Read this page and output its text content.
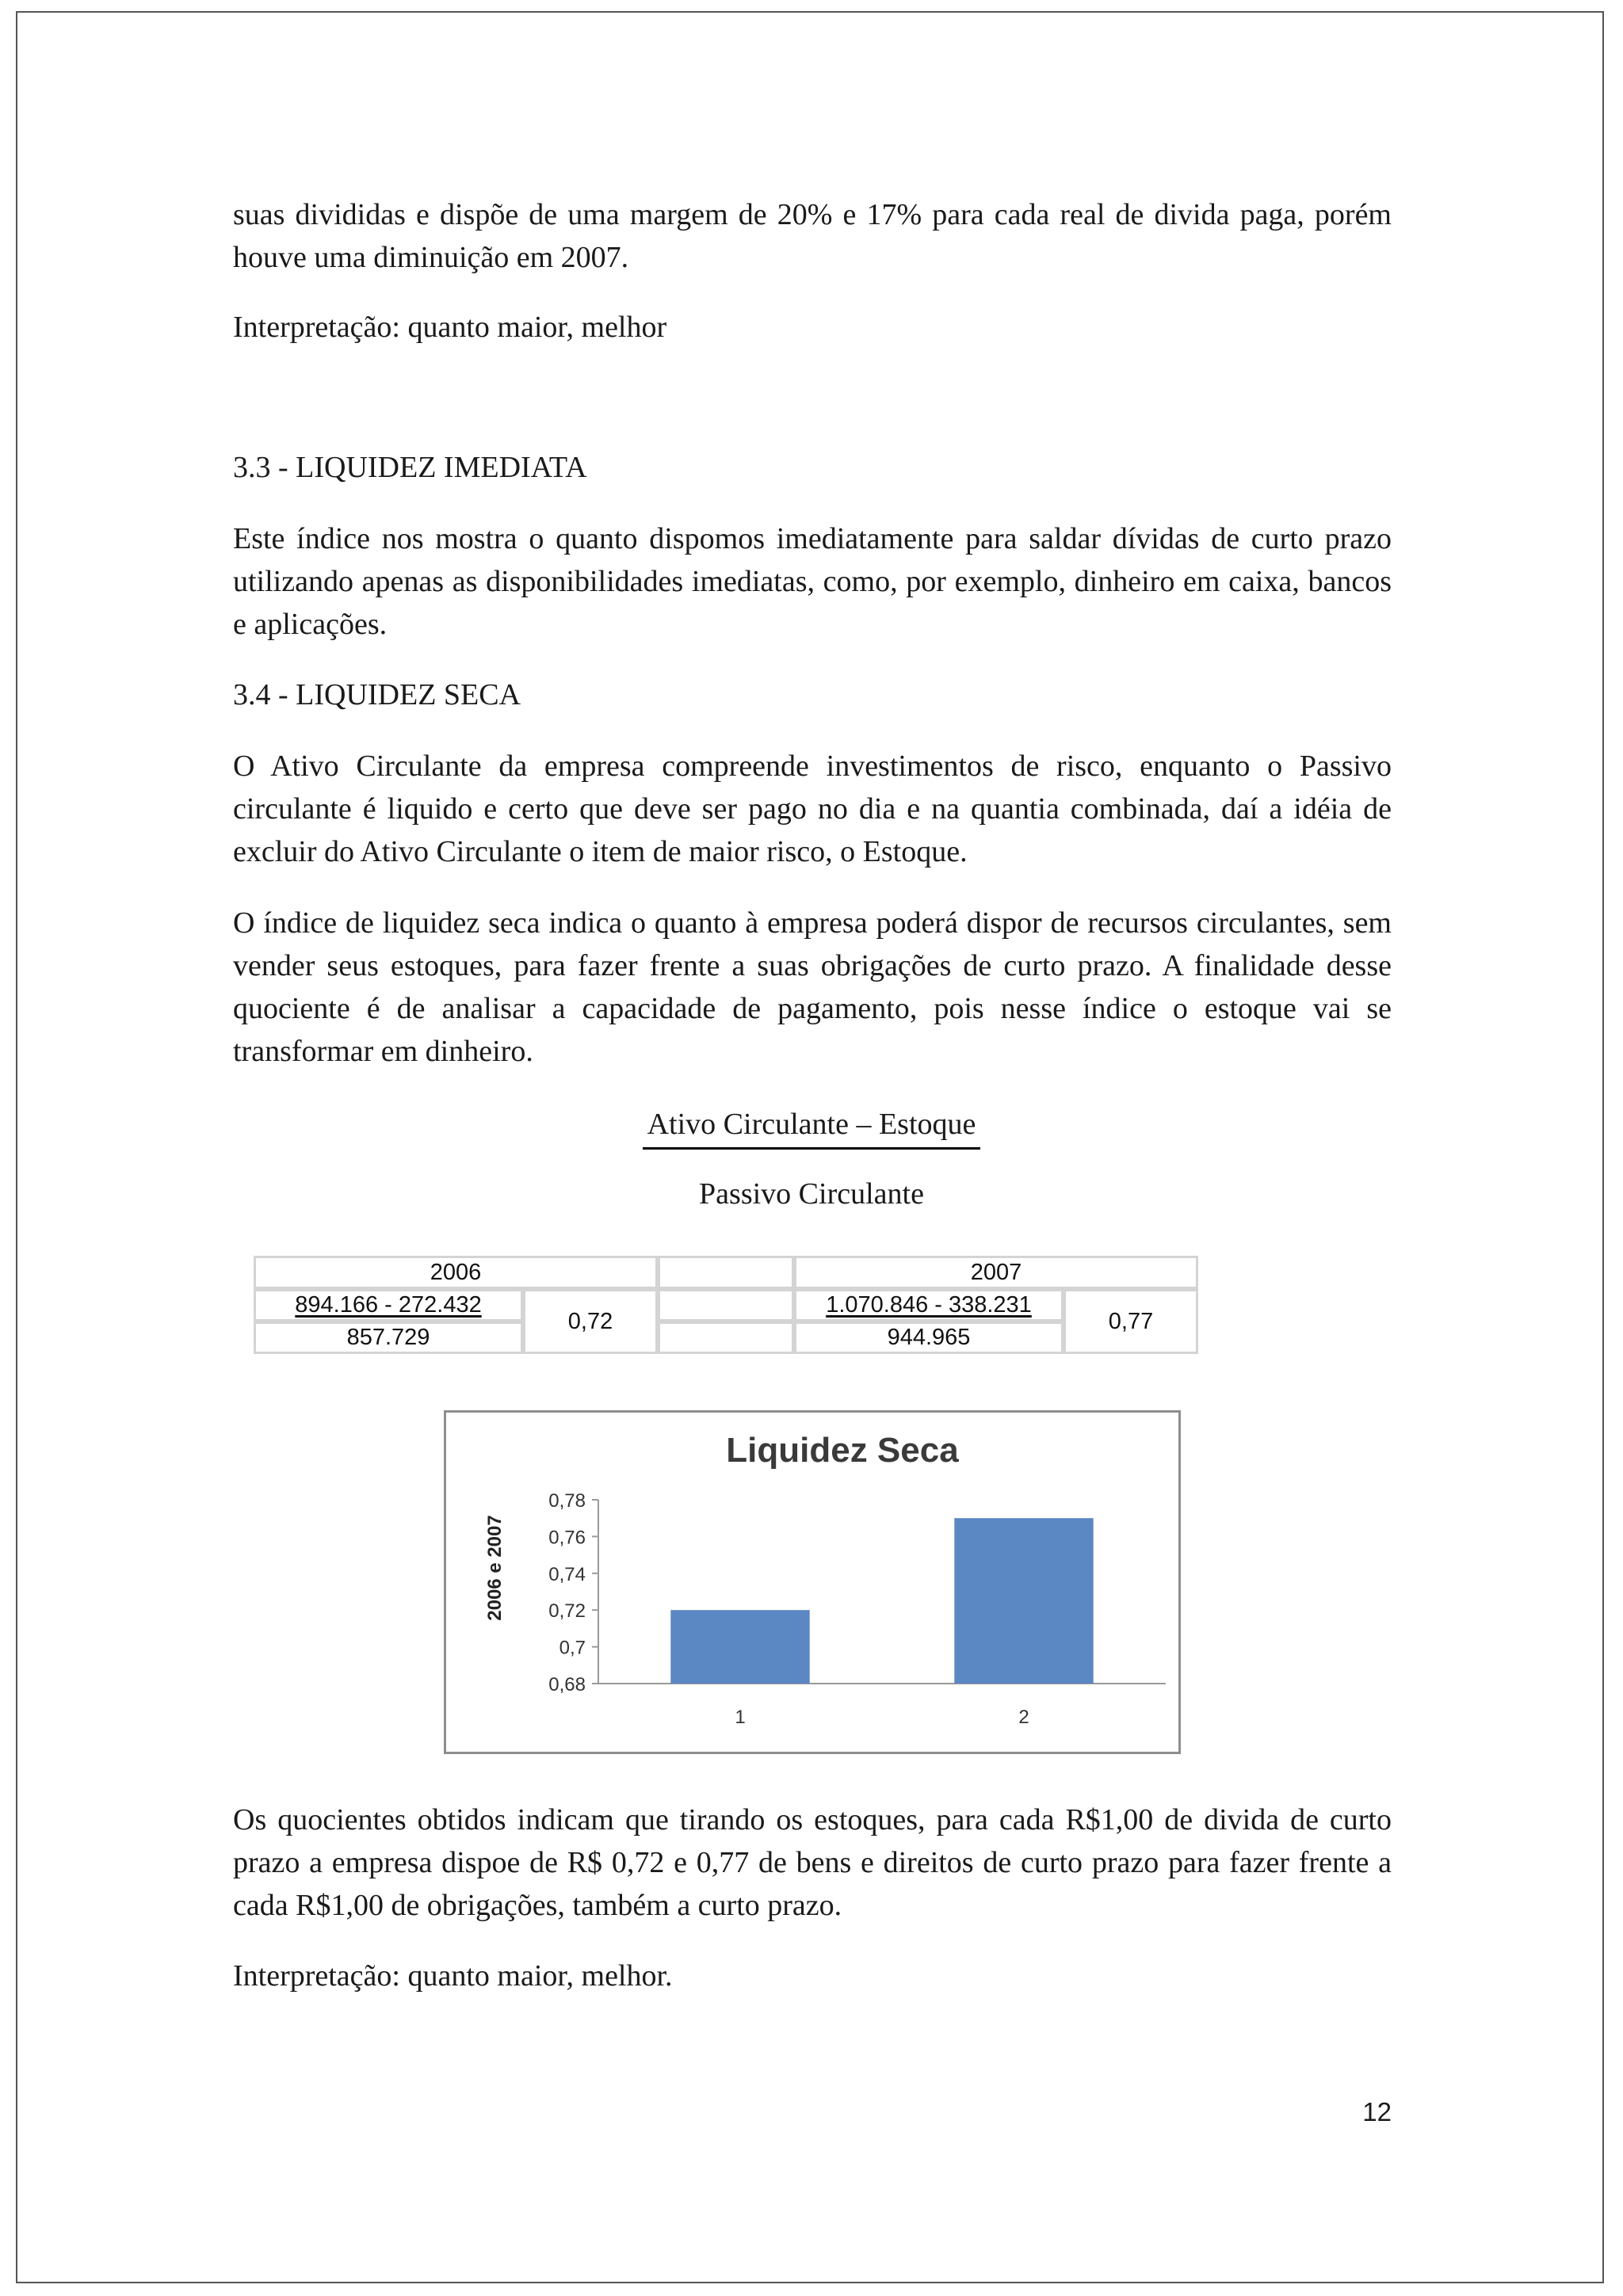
suas divididas e dispõe de uma margem de 20% e 17% para cada real de divida paga, porém houve uma diminuição em 2007.

Interpretação: quanto maior, melhor

3.3 - LIQUIDEZ IMEDIATA

Este índice nos mostra o quanto dispomos imediatamente para saldar dívidas de curto prazo utilizando apenas as disponibilidades imediatas, como, por exemplo, dinheiro em caixa, bancos e aplicações.

3.4 - LIQUIDEZ SECA

O Ativo Circulante da empresa compreende investimentos de risco, enquanto o Passivo circulante é liquido e certo que deve ser pago no dia e na quantia combinada, daí a idéia de excluir do Ativo Circulante o item de maior risco, o Estoque.

O índice de liquidez seca indica o quanto à empresa poderá dispor de recursos circulantes, sem vender seus estoques, para fazer frente a suas obrigações de curto prazo. A finalidade desse quociente é de analisar a capacidade de pagamento, pois nesse índice o estoque vai se transformar em dinheiro.

Ativo Circulante – Estoque
Passivo Circulante
2006	2007
894.166 - 272.432
857.729
0,72
1.070.846 - 338.231
944.965
0,77
Liquidez Seca
2006 e 2007
0,68
0,7
0,72
0,74
0,76
0,78
1	2

Os quocientes obtidos indicam que tirando os estoques, para cada R$1,00 de divida de curto prazo a empresa dispoe de R$ 0,72 e 0,77 de bens e direitos de curto prazo para fazer frente a cada R$1,00 de obrigações, também a curto prazo.

Interpretação: quanto maior, melhor.

12
